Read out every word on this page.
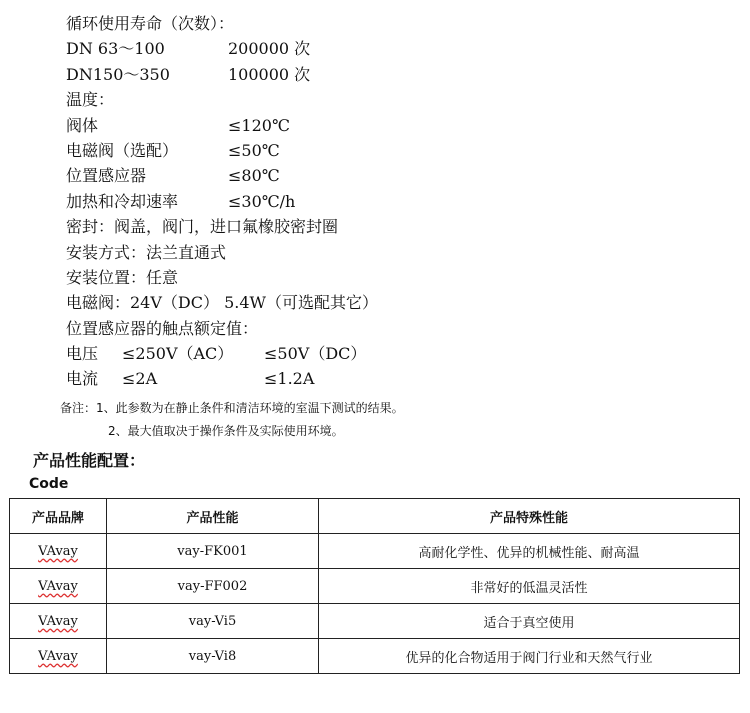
循环使用寿命（次数）：
DN 63～100	200000 次
DN150～350	100000 次
温度：
阀体	≤120℃
电磁阀（选配）	≤50℃
位置感应器	≤80℃
加热和冷却速率	≤30℃/h
密封：阀盖，阀门，进口氟橡胶密封圈
安装方式：法兰直通式
安装位置：任意
电磁阀：24V（DC） 5.4W（可选配其它）
位置感应器的触点额定值：
电压 ≤250V（AC） ≤50V（DC）
电流 ≤2A	≤1.2A
备注：1、此参数为在静止条件和清洁环境的室温下测试的结果。
2、最大值取决于操作条件及实际使用环境。
产品性能配置：
Code
产品品牌	产品性能	产品特殊性能
VAvay	vay-FK001	高耐化学性、优异的机械性能、耐高温
VAvay	vay-FF002	非常好的低温灵活性
VAvay	vay-Vi5	适合于真空使用
VAvay	vay-Vi8	优异的化合物适用于阀门行业和天然气行业
